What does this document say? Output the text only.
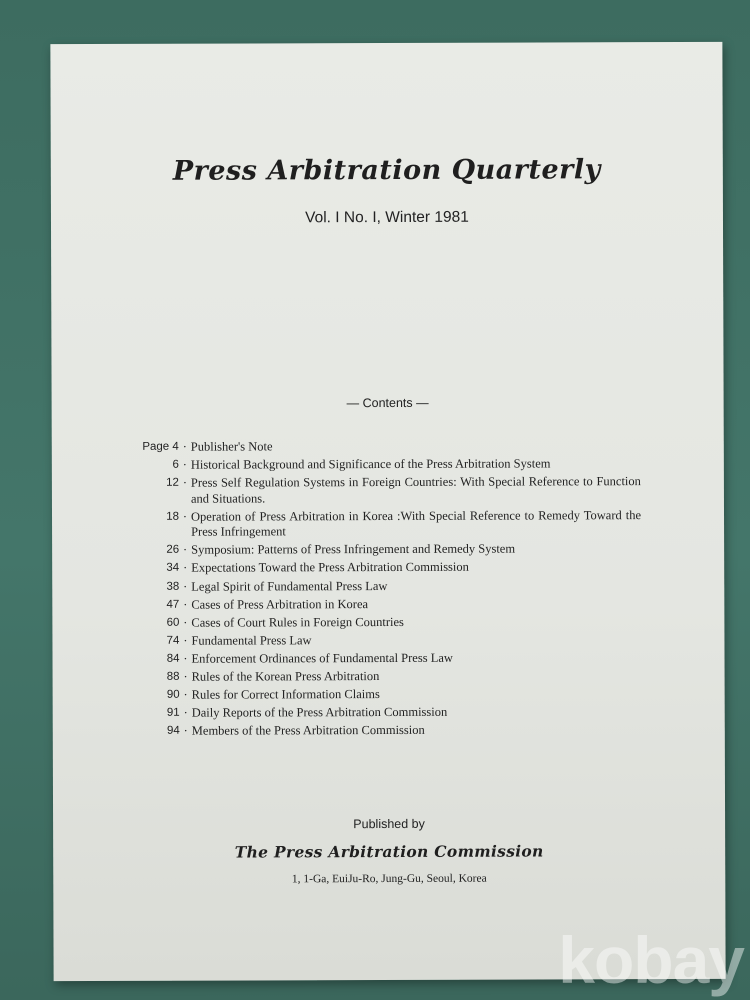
Press Arbitration Quarterly
Vol. I No. I, Winter 1981
— Contents —
Page 4 · Publisher's Note
6 · Historical Background and Significance of the Press Arbitration System
12 · Press Self Regulation Systems in Foreign Countries: With Special Reference to Function and Situations.
18 · Operation of Press Arbitration in Korea :With Special Reference to Remedy Toward the Press Infringement
26 · Symposium: Patterns of Press Infringement and Remedy System
34 · Expectations Toward the Press Arbitration Commission
38 · Legal Spirit of Fundamental Press Law
47 · Cases of Press Arbitration in Korea
60 · Cases of Court Rules in Foreign Countries
74 · Fundamental Press Law
84 · Enforcement Ordinances of Fundamental Press Law
88 · Rules of the Korean Press Arbitration
90 · Rules for Correct Information Claims
91 · Daily Reports of the Press Arbitration Commission
94 · Members of the Press Arbitration Commission
Published by
The Press Arbitration Commission
1, 1-Ga, EuiJu-Ro, Jung-Gu, Seoul, Korea
kobay
